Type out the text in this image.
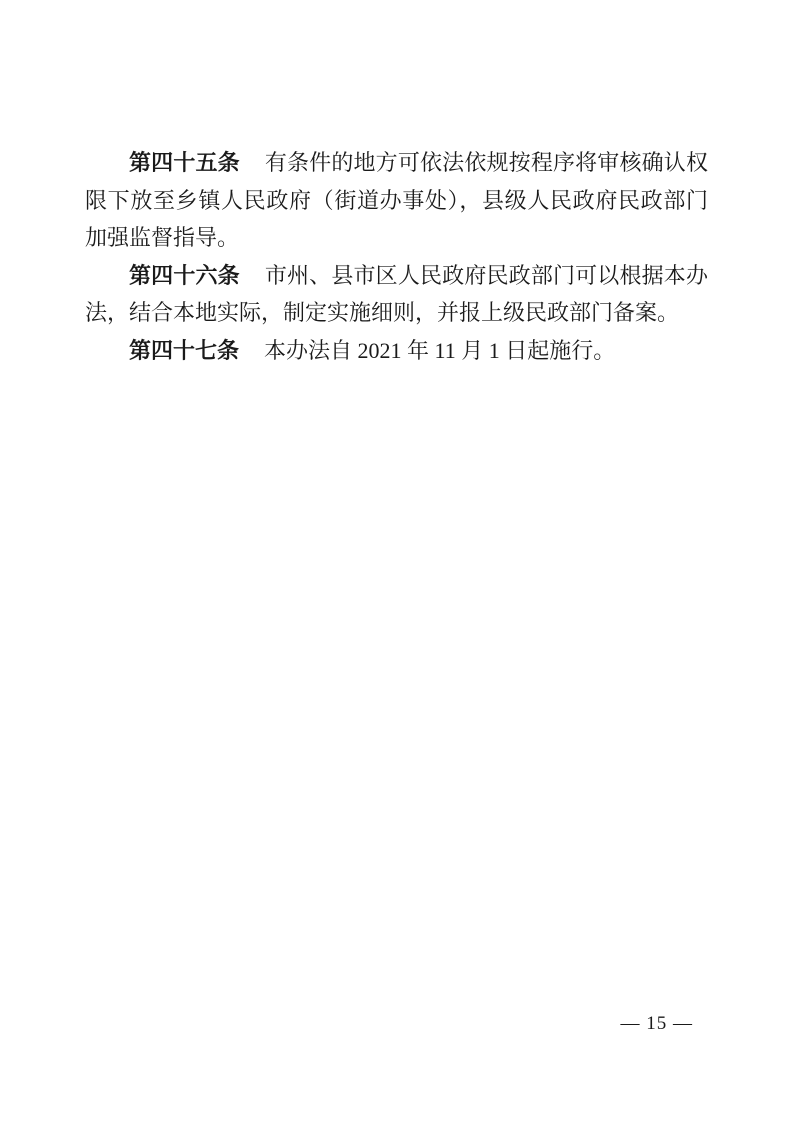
第四十五条 有条件的地方可依法依规按程序将审核确认权限下放至乡镇人民政府（街道办事处），县级人民政府民政部门加强监督指导。

第四十六条 市州、县市区人民政府民政部门可以根据本办法，结合本地实际，制定实施细则，并报上级民政部门备案。

第四十七条 本办法自 2021 年 11 月 1 日起施行。

— 15 —
